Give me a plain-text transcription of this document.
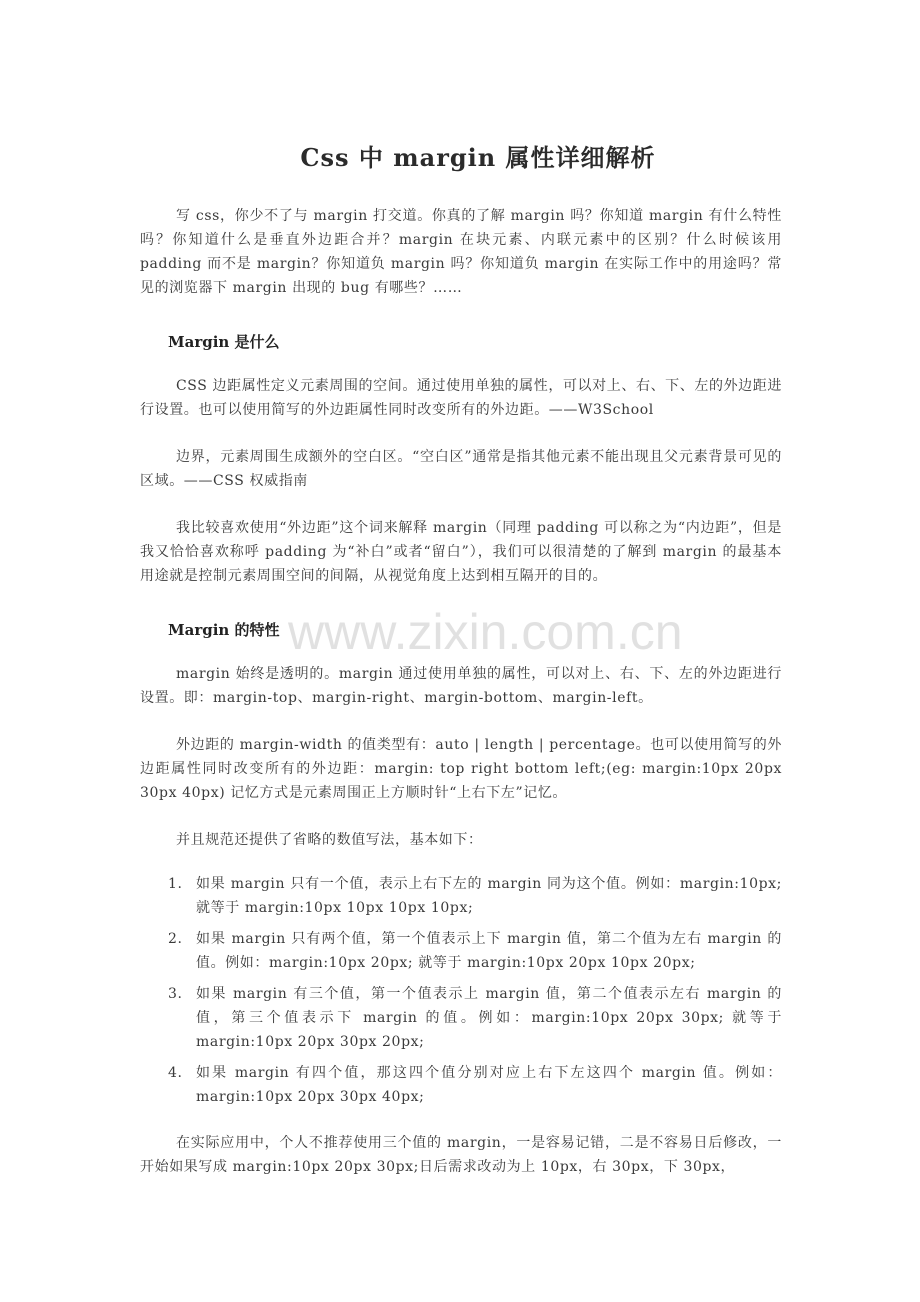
Css 中 margin 属性详细解析

写 css，你少不了与 margin 打交道。你真的了解 margin 吗？你知道 margin 有什么特性吗？你知道什么是垂直外边距合并？margin 在块元素、内联元素中的区别？什么时候该用 padding 而不是 margin？你知道负 margin 吗？你知道负 margin 在实际工作中的用途吗？常见的浏览器下 margin 出现的 bug 有哪些？……

Margin 是什么

CSS 边距属性定义元素周围的空间。通过使用单独的属性，可以对上、右、下、左的外边距进行设置。也可以使用简写的外边距属性同时改变所有的外边距。——W3School

边界，元素周围生成额外的空白区。“空白区”通常是指其他元素不能出现且父元素背景可见的区域。——CSS 权威指南

我比较喜欢使用“外边距”这个词来解释 margin（同理 padding 可以称之为“内边距”，但是我又恰恰喜欢称呼 padding 为“补白”或者“留白”），我们可以很清楚的了解到 margin 的最基本用途就是控制元素周围空间的间隔，从视觉角度上达到相互隔开的目的。

Margin 的特性

margin 始终是透明的。margin 通过使用单独的属性，可以对上、右、下、左的外边距进行设置。即：margin-top、margin-right、margin-bottom、margin-left。

外边距的 margin-width 的值类型有：auto | length | percentage。也可以使用简写的外边距属性同时改变所有的外边距：margin: top right bottom left;(eg: margin:10px 20px 30px 40px) 记忆方式是元素周围正上方顺时针“上右下左”记忆。

并且规范还提供了省略的数值写法，基本如下：

1. 如果 margin 只有一个值，表示上右下左的 margin 同为这个值。例如：margin:10px; 就等于 margin:10px 10px 10px 10px;
2. 如果 margin 只有两个值，第一个值表示上下 margin 值，第二个值为左右 margin 的值。例如：margin:10px 20px; 就等于 margin:10px 20px 10px 20px;
3. 如果 margin 有三个值，第一个值表示上 margin 值，第二个值表示左右 margin 的值，第三个值表示下 margin 的值。例如：margin:10px 20px 30px; 就等于 margin:10px 20px 30px 20px;
4. 如果 margin 有四个值，那这四个值分别对应上右下左这四个 margin 值。例如：margin:10px 20px 30px 40px;

在实际应用中，个人不推荐使用三个值的 margin，一是容易记错，二是不容易日后修改，一开始如果写成 margin:10px 20px 30px;日后需求改动为上 10px，右 30px，下 30px，

www.zixin.com.cn
